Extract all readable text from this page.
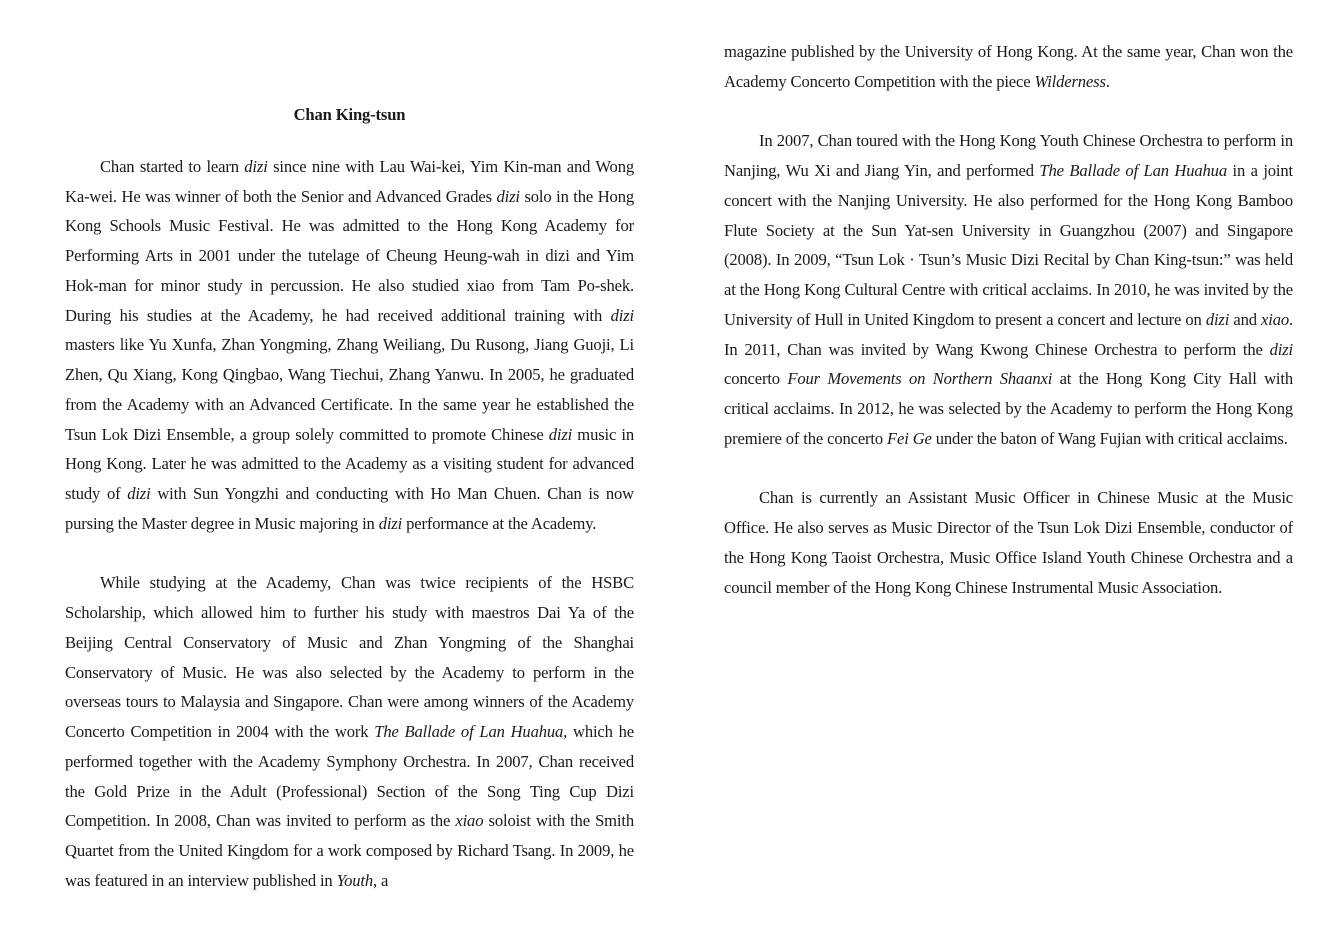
Chan King-tsun

Chan started to learn dizi since nine with Lau Wai-kei, Yim Kin-man and Wong Ka-wei. He was winner of both the Senior and Advanced Grades dizi solo in the Hong Kong Schools Music Festival. He was admitted to the Hong Kong Academy for Performing Arts in 2001 under the tutelage of Cheung Heung-wah in dizi and Yim Hok-man for minor study in percussion. He also studied xiao from Tam Po-shek. During his studies at the Academy, he had received additional training with dizi masters like Yu Xunfa, Zhan Yongming, Zhang Weiliang, Du Rusong, Jiang Guoji, Li Zhen, Qu Xiang, Kong Qingbao, Wang Tiechui, Zhang Yanwu. In 2005, he graduated from the Academy with an Advanced Certificate. In the same year he established the Tsun Lok Dizi Ensemble, a group solely committed to promote Chinese dizi music in Hong Kong. Later he was admitted to the Academy as a visiting student for advanced study of dizi with Sun Yongzhi and conducting with Ho Man Chuen. Chan is now pursing the Master degree in Music majoring in dizi performance at the Academy.

While studying at the Academy, Chan was twice recipients of the HSBC Scholarship, which allowed him to further his study with maestros Dai Ya of the Beijing Central Conservatory of Music and Zhan Yongming of the Shanghai Conservatory of Music. He was also selected by the Academy to perform in the overseas tours to Malaysia and Singapore. Chan were among winners of the Academy Concerto Competition in 2004 with the work The Ballade of Lan Huahua, which he performed together with the Academy Symphony Orchestra. In 2007, Chan received the Gold Prize in the Adult (Professional) Section of the Song Ting Cup Dizi Competition. In 2008, Chan was invited to perform as the xiao soloist with the Smith Quartet from the United Kingdom for a work composed by Richard Tsang. In 2009, he was featured in an interview published in Youth, a

magazine published by the University of Hong Kong. At the same year, Chan won the Academy Concerto Competition with the piece Wilderness.

In 2007, Chan toured with the Hong Kong Youth Chinese Orchestra to perform in Nanjing, Wu Xi and Jiang Yin, and performed The Ballade of Lan Huahua in a joint concert with the Nanjing University. He also performed for the Hong Kong Bamboo Flute Society at the Sun Yat-sen University in Guangzhou (2007) and Singapore (2008). In 2009, “Tsun Lok · Tsun’s Music Dizi Recital by Chan King-tsun:” was held at the Hong Kong Cultural Centre with critical acclaims. In 2010, he was invited by the University of Hull in United Kingdom to present a concert and lecture on dizi and xiao. In 2011, Chan was invited by Wang Kwong Chinese Orchestra to perform the dizi concerto Four Movements on Northern Shaanxi at the Hong Kong City Hall with critical acclaims. In 2012, he was selected by the Academy to perform the Hong Kong premiere of the concerto Fei Ge under the baton of Wang Fujian with critical acclaims.

Chan is currently an Assistant Music Officer in Chinese Music at the Music Office. He also serves as Music Director of the Tsun Lok Dizi Ensemble, conductor of the Hong Kong Taoist Orchestra, Music Office Island Youth Chinese Orchestra and a council member of the Hong Kong Chinese Instrumental Music Association.
